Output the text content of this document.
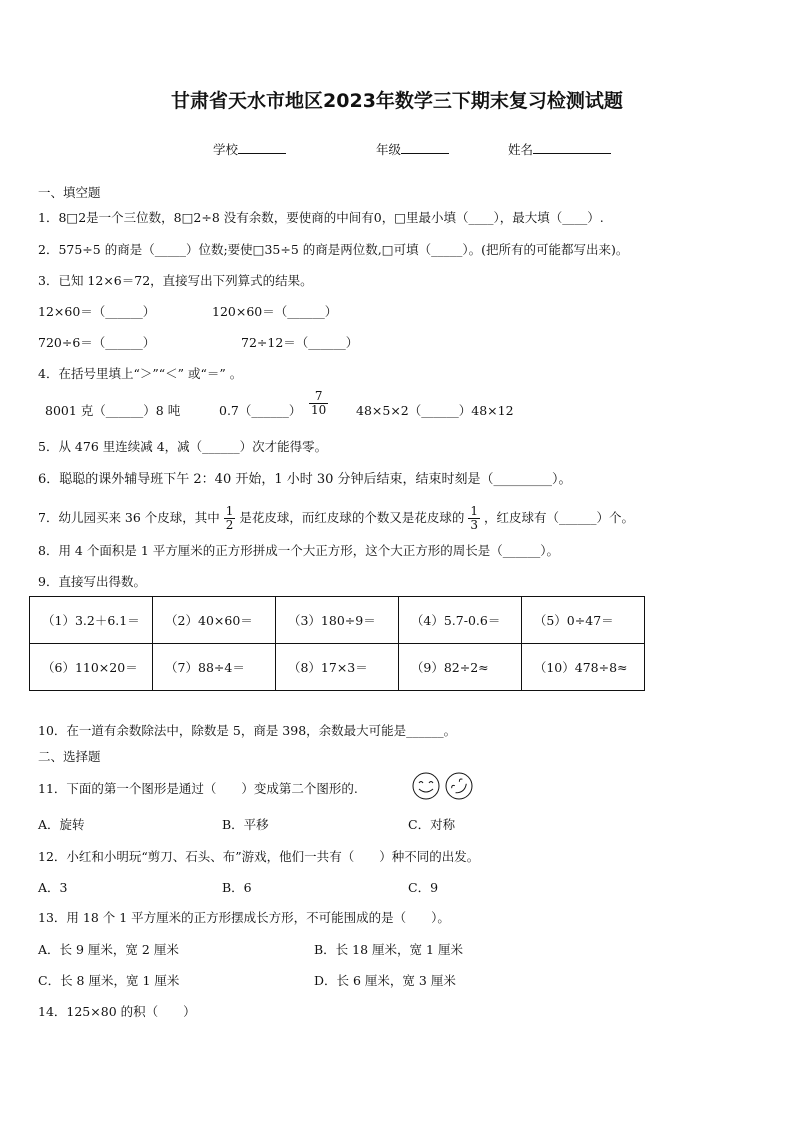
甘肃省天水市地区2023年数学三下期末复习检测试题
学校	年级	姓名
一、填空题
1．8□2是一个三位数，8□2÷8 没有余数，要使商的中间有0，□里最小填（____），最大填（____）.
2．575÷5 的商是（_____）位数;要使□35÷5 的商是两位数,□可填（_____）。(把所有的可能都写出来)。
3．已知 12×6＝72，直接写出下列算式的结果。
12×60＝（______）	120×60＝（______）
720÷6＝（______）	72÷12＝（______）
4．在括号里填上“＞”“＜” 或“＝” 。
8001 克（______）8 吨	0.7（______） $\frac{7}{10}$ 48×5×2（______）48×12
5．从 476 里连续减 4，减（______）次才能得零。
6．聪聪的课外辅导班下午 2：40 开始，1 小时 30 分钟后结束，结束时刻是（_________）。
7．幼儿园买来 36 个皮球，其中 $\frac{1}{2}$ 是花皮球，而红皮球的个数又是花皮球的 $\frac{1}{3}$ ，红皮球有（______）个。
8．用 4 个面积是 1 平方厘米的正方形拼成一个大正方形，这个大正方形的周长是（______）。
9．直接写出得数。
（1）3.2＋6.1＝	（2）40×60＝	（3）180÷9＝	（4）5.7-0.6＝	（5）0÷47＝
（6）110×20＝	（7）88÷4＝	（8）17×3＝	（9）82÷2≈	（10）478÷8≈
10．在一道有余数除法中，除数是 5，商是 398，余数最大可能是______。
二、选择题
11．下面的第一个图形是通过（　　）变成第二个图形的.
A．旋转	B．平移	C．对称
12．小红和小明玩“剪刀、石头、布”游戏，他们一共有（　　）种不同的出发。
A．3	B．6	C．9
13．用 18 个 1 平方厘米的正方形摆成长方形，不可能围成的是（　　）。
A．长 9 厘米，宽 2 厘米	B．长 18 厘米，宽 1 厘米
C．长 8 厘米，宽 1 厘米	D．长 6 厘米，宽 3 厘米
14．125×80 的积（　　）
